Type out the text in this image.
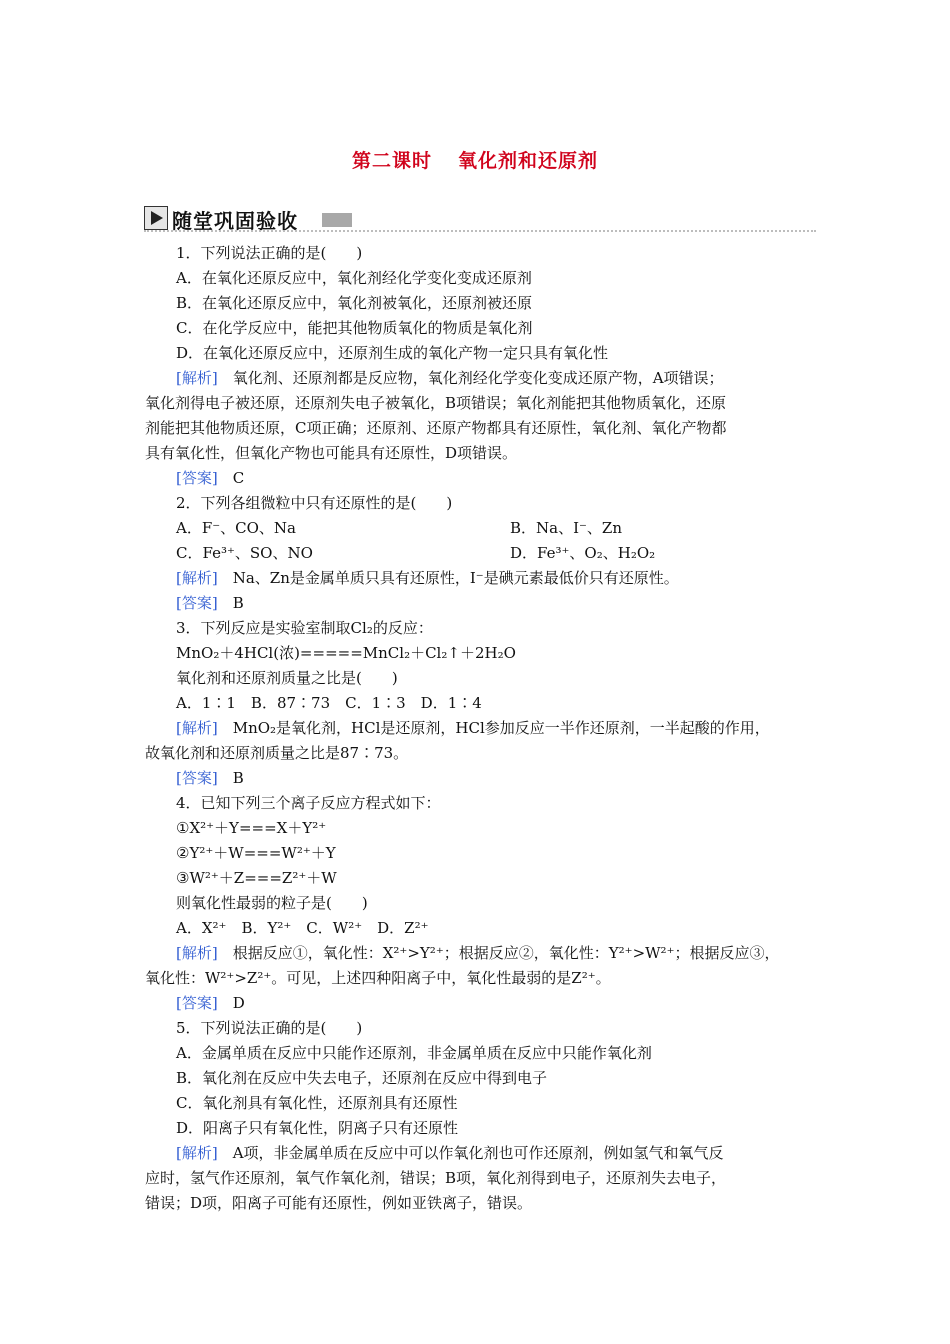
第二课时 氧化剂和还原剂
随堂巩固验收
1．下列说法正确的是(　　)
A．在氧化还原反应中，氧化剂经化学变化变成还原剂
B．在氧化还原反应中，氧化剂被氧化，还原剂被还原
C．在化学反应中，能把其他物质氧化的物质是氧化剂
D．在氧化还原反应中，还原剂生成的氧化产物一定只具有氧化性
[解析]　氧化剂、还原剂都是反应物，氧化剂经化学变化变成还原产物，A项错误；
氧化剂得电子被还原，还原剂失电子被氧化，B项错误；氧化剂能把其他物质氧化，还原
剂能把其他物质还原，C项正确；还原剂、还原产物都具有还原性，氧化剂、氧化产物都
具有氧化性，但氧化产物也可能具有还原性，D项错误。
[答案]　C
2．下列各组微粒中只有还原性的是(　　)
A．F⁻、CO、Na	B．Na、I⁻、Zn
C．Fe³⁺、SO、NO	D．Fe³⁺、O₂、H₂O₂
[解析]　Na、Zn是金属单质只具有还原性，I⁻是碘元素最低价只有还原性。
[答案]　B
3．下列反应是实验室制取Cl₂的反应：
MnO₂＋4HCl(浓)=====MnCl₂＋Cl₂↑＋2H₂O
氧化剂和还原剂质量之比是(　　)
A．1∶1　B．87∶73　C．1∶3　D．1∶4
[解析]　MnO₂是氧化剂，HCl是还原剂，HCl参加反应一半作还原剂，一半起酸的作用，
故氧化剂和还原剂质量之比是87∶73。
[答案]　B
4．已知下列三个离子反应方程式如下：
①X²⁺＋Y===X＋Y²⁺
②Y²⁺＋W===W²⁺＋Y
③W²⁺＋Z===Z²⁺＋W
则氧化性最弱的粒子是(　　)
A．X²⁺　B．Y²⁺　C．W²⁺　D．Z²⁺
[解析]　根据反应①，氧化性：X²⁺>Y²⁺；根据反应②，氧化性：Y²⁺>W²⁺；根据反应③，
氧化性：W²⁺>Z²⁺。可见，上述四种阳离子中，氧化性最弱的是Z²⁺。
[答案]　D
5．下列说法正确的是(　　)
A．金属单质在反应中只能作还原剂，非金属单质在反应中只能作氧化剂
B．氧化剂在反应中失去电子，还原剂在反应中得到电子
C．氧化剂具有氧化性，还原剂具有还原性
D．阳离子只有氧化性，阴离子只有还原性
[解析]　A项，非金属单质在反应中可以作氧化剂也可作还原剂，例如氢气和氧气反
应时，氢气作还原剂，氧气作氧化剂，错误；B项，氧化剂得到电子，还原剂失去电子，
错误；D项，阳离子可能有还原性，例如亚铁离子，错误。
